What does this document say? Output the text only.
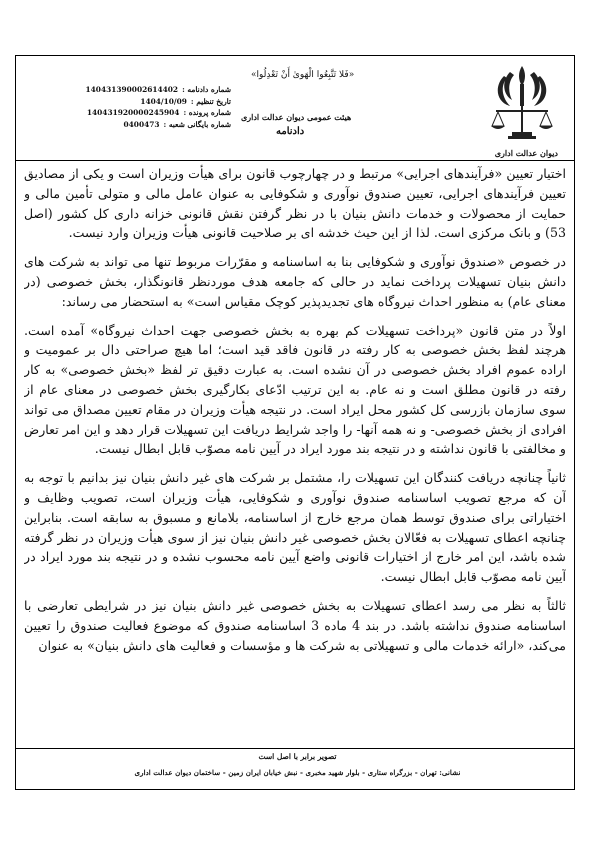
دیوان عدالت اداری
«فَلا تَتَّبِعُوا الْهَوىٰ أَنْ تَعْدِلُوا»
هیئت عمومی دیوان عدالت اداری
دادنامه
شماره دادنامه :
140431390002614402
تاریخ تنظیم :
1404/10/09
شماره پرونده :
140431920000245904
شماره بایگانی شعبه :
0400473

اختیار تعیین «فرآیندهای اجرایی» مرتبط و در چهارچوب قانون برای هیأت وزیران است و یکی از مصادیق تعیین فرآیندهای اجرایی، تعیین صندوق نوآوری و شکوفایی به عنوان عامل مالی و متولی تأمین مالی و حمایت از محصولات و خدمات دانش بنیان با در نظر گرفتن نقش قانونی خزانه داری کل کشور (اصل 53) و بانک مرکزی است. لذا از این حیث خدشه ای بر صلاحیت قانونی هیأت وزیران وارد نیست.

در خصوص «صندوق نوآوری و شکوفایی بنا به اساسنامه و مقرّرات مربوط تنها می تواند به شرکت های دانش بنیان تسهیلات پرداخت نماید در حالی که جامعه هدف موردنظر قانونگذار، بخش خصوصی (در معنای عام) به منظور احداث نیروگاه های تجدیدپذیر کوچک مقیاس است» به استحضار می رساند:

اولاً در متن قانون «پرداخت تسهیلات کم بهره به بخش خصوصی جهت احداث نیروگاه» آمده است. هرچند لفظ بخش خصوصی به کار رفته در قانون فاقد قید است؛ اما هیچ صراحتی دال بر عمومیت و اراده عموم افراد بخش خصوصی در آن نشده است. به عبارت دقیق تر لفظ «بخش خصوصی» به کار رفته در قانون مطلق است و نه عام. به این ترتیب ادّعای بکارگیری بخش خصوصی در معنای عام از سوی سازمان بازرسی کل کشور محل ایراد است. در نتیجه هیأت وزیران در مقام تعیین مصداق می تواند افرادی از بخش خصوصی- و نه همه آنها- را واجد شرایط دریافت این تسهیلات قرار دهد و این امر تعارض و مخالفتی با قانون نداشته و در نتیجه بند مورد ایراد در آیین نامه مصوّب قابل ابطال نیست.

ثانیاً چنانچه دریافت کنندگان این تسهیلات را، مشتمل بر شرکت های غیر دانش بنیان نیز بدانیم با توجه به آن که مرجع تصویب اساسنامه صندوق نوآوری و شکوفایی، هیأت وزیران است، تصویب وظایف و اختیاراتی برای صندوق توسط همان مرجع خارج از اساسنامه، بلامانع و مسبوق به سابقه است. بنابراین چنانچه اعطای تسهیلات به فعّالان بخش خصوصی غیر دانش بنیان نیز از سوی هیأت وزیران در نظر گرفته شده باشد، این امر خارج از اختیارات قانونی واضع آیین نامه محسوب نشده و در نتیجه بند مورد ایراد در آیین نامه مصوّب قابل ابطال نیست.

ثالثاً به نظر می رسد اعطای تسهیلات به بخش خصوصی غیر دانش بنیان نیز در شرایطی تعارضی با اساسنامه صندوق نداشته باشد. در بند 4 ماده 3 اساسنامه صندوق که موضوع فعالیت صندوق را تعیین می‌کند، «ارائه خدمات مالی و تسهیلاتی به شرکت ها و مؤسسات و فعالیت های دانش بنیان» به عنوان

تصویر برابر با اصل است
نشانی: تهران - بزرگراه ستاری - بلوار شهید مخبری - نبش خیابان ایران زمین - ساختمان دیوان عدالت اداری
